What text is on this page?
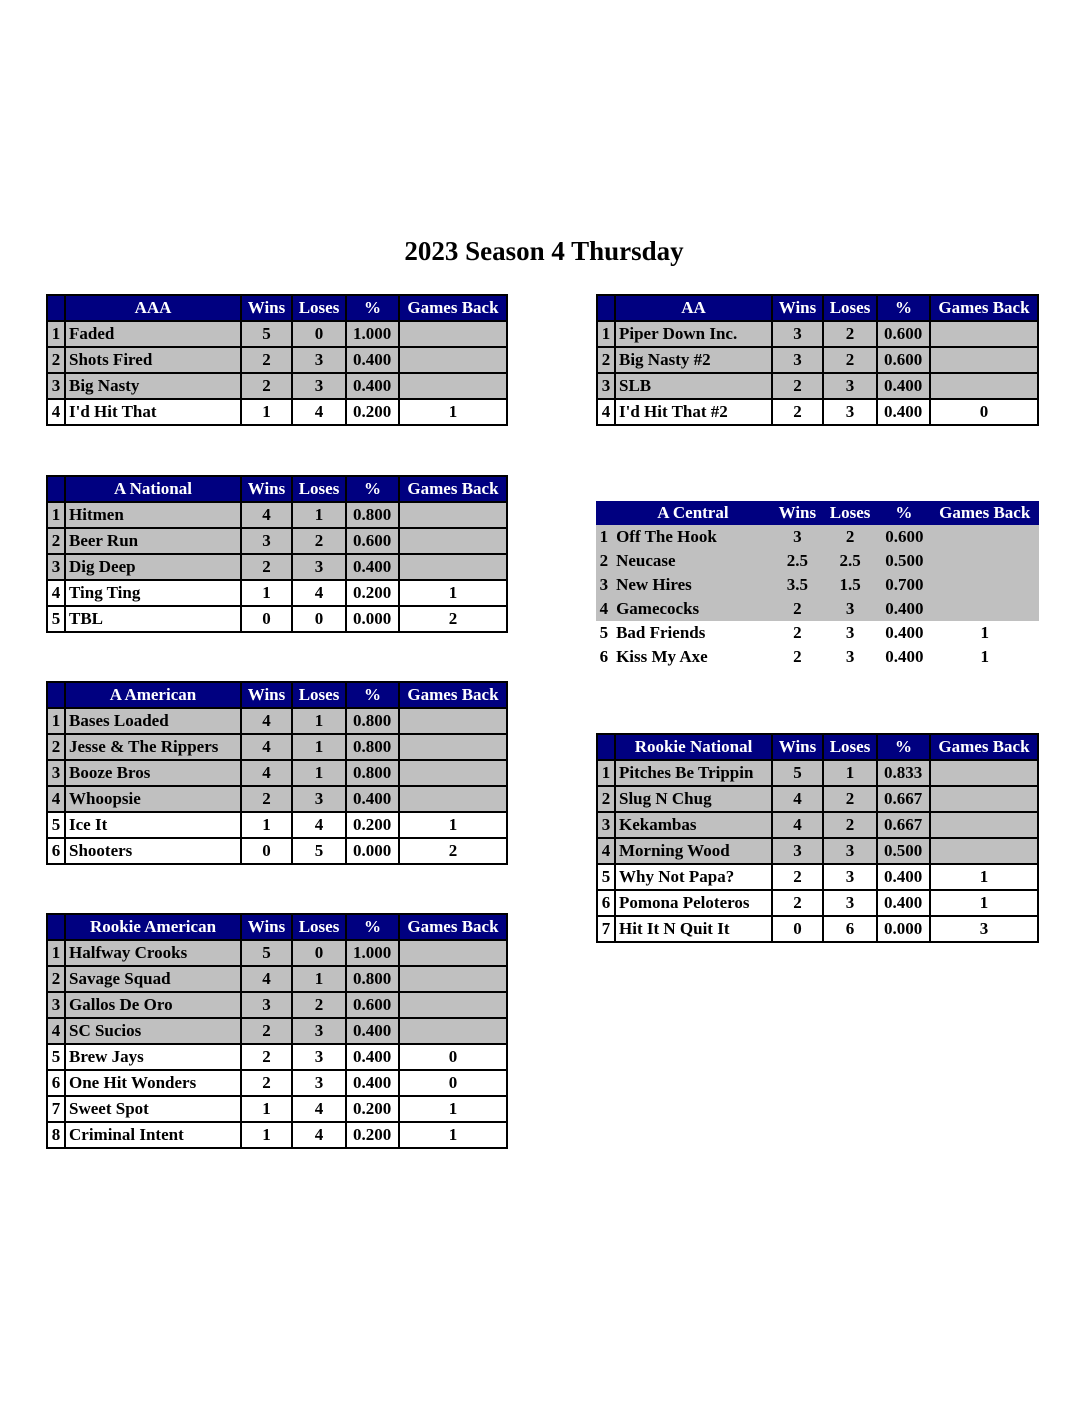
2023 Season 4 Thursday
	AAA	Wins	Loses	%	Games Back
1	Faded	5	0	1.000	
2	Shots Fired	2	3	0.400	
3	Big Nasty	2	3	0.400	
4	I'd Hit That	1	4	0.200	1
	AA	Wins	Loses	%	Games Back
1	Piper Down Inc.	3	2	0.600	
2	Big Nasty #2	3	2	0.600	
3	SLB	2	3	0.400	
4	I'd Hit That #2	2	3	0.400	0
	A National	Wins	Loses	%	Games Back
1	Hitmen	4	1	0.800	
2	Beer Run	3	2	0.600	
3	Dig Deep	2	3	0.400	
4	Ting Ting	1	4	0.200	1
5	TBL	0	0	0.000	2
	A Central	Wins	Loses	%	Games Back
1	Off The Hook	3	2	0.600	
2	Neucase	2.5	2.5	0.500	
3	New Hires	3.5	1.5	0.700	
4	Gamecocks	2	3	0.400	
5	Bad Friends	2	3	0.400	1
6	Kiss My Axe	2	3	0.400	1
	A American	Wins	Loses	%	Games Back
1	Bases Loaded	4	1	0.800	
2	Jesse & The Rippers	4	1	0.800	
3	Booze Bros	4	1	0.800	
4	Whoopsie	2	3	0.400	
5	Ice It	1	4	0.200	1
6	Shooters	0	5	0.000	2
	Rookie National	Wins	Loses	%	Games Back
1	Pitches Be Trippin	5	1	0.833	
2	Slug N Chug	4	2	0.667	
3	Kekambas	4	2	0.667	
4	Morning Wood	3	3	0.500	
5	Why Not Papa?	2	3	0.400	1
6	Pomona Peloteros	2	3	0.400	1
7	Hit It N Quit It	0	6	0.000	3
	Rookie American	Wins	Loses	%	Games Back
1	Halfway Crooks	5	0	1.000	
2	Savage Squad	4	1	0.800	
3	Gallos De Oro	3	2	0.600	
4	SC Sucios	2	3	0.400	
5	Brew Jays	2	3	0.400	0
6	One Hit Wonders	2	3	0.400	0
7	Sweet Spot	1	4	0.200	1
8	Criminal Intent	1	4	0.200	1
